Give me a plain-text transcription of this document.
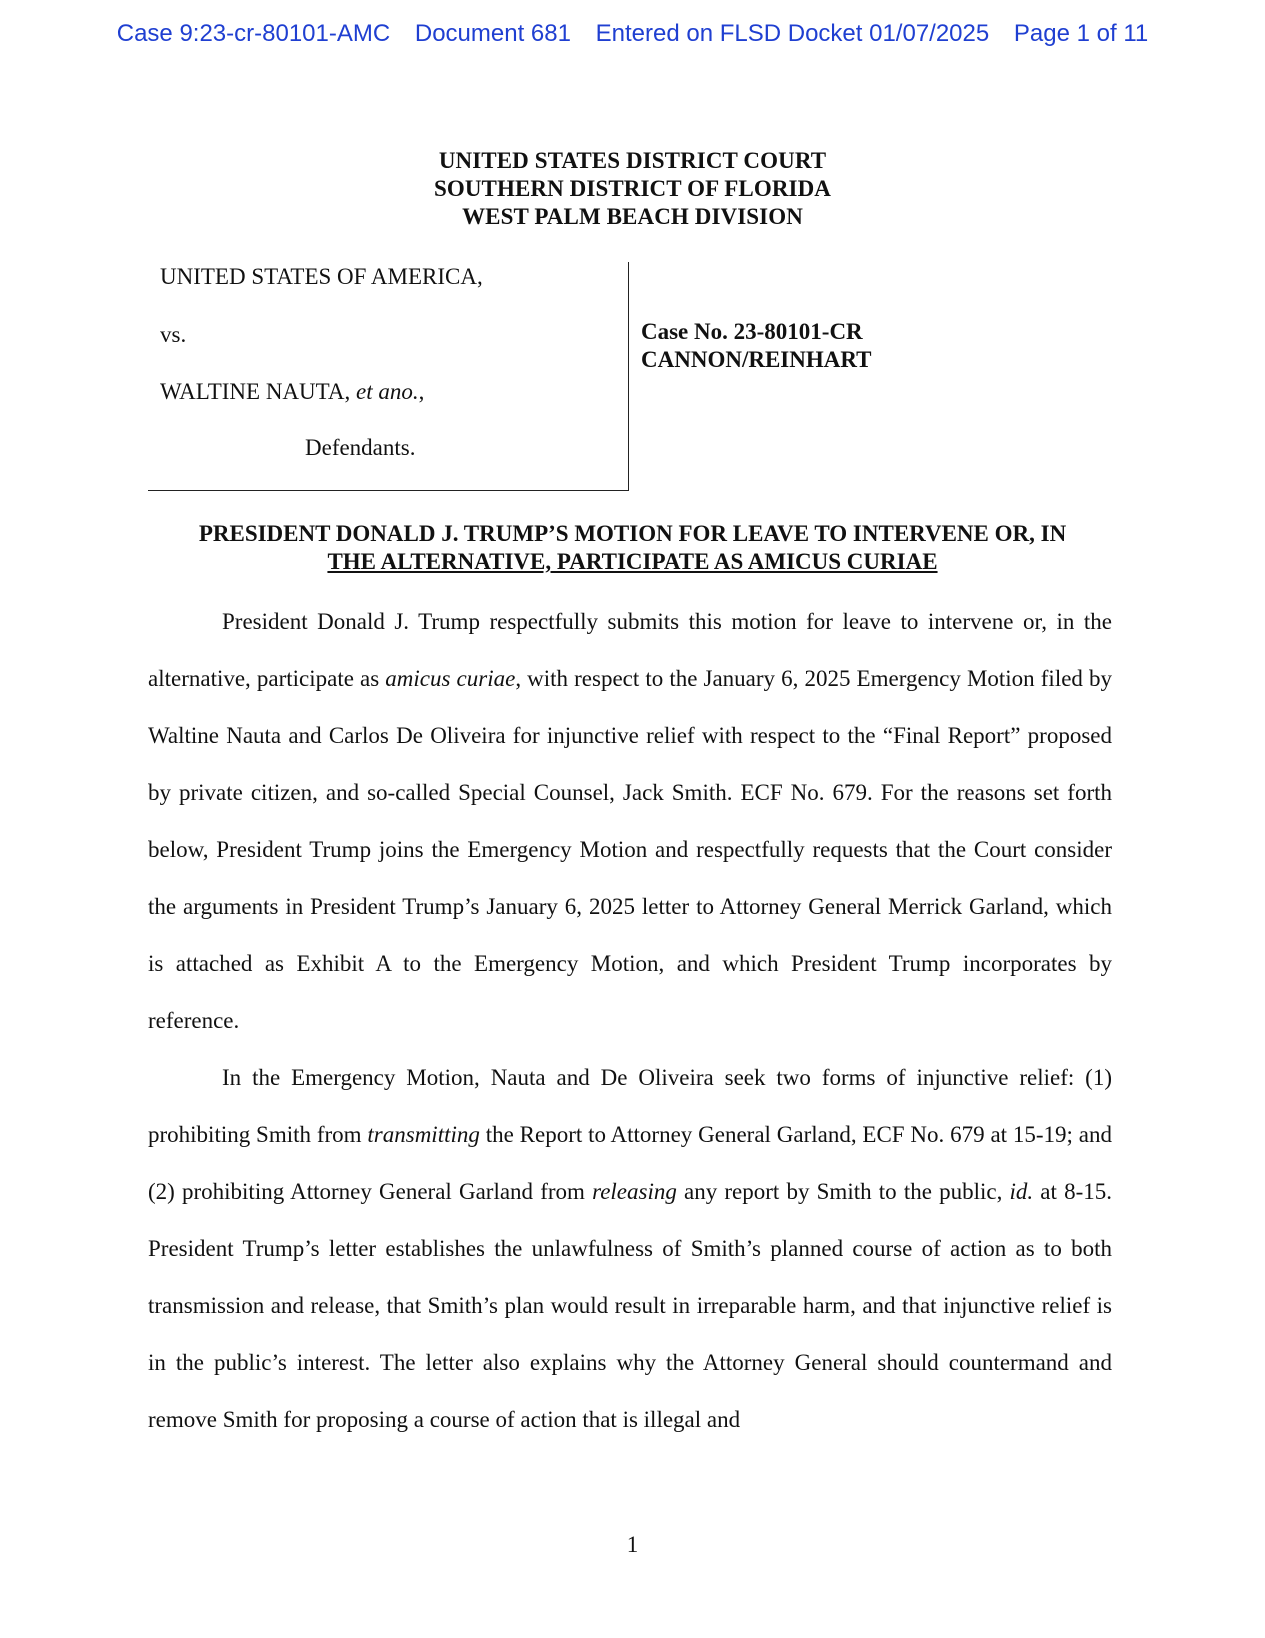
Case 9:23-cr-80101-AMC Document 681 Entered on FLSD Docket 01/07/2025 Page 1 of 11
UNITED STATES DISTRICT COURT
SOUTHERN DISTRICT OF FLORIDA
WEST PALM BEACH DIVISION
UNITED STATES OF AMERICA,
vs.
WALTINE NAUTA, et ano.,
Defendants.
Case No. 23-80101-CR
CANNON/REINHART
PRESIDENT DONALD J. TRUMP’S MOTION FOR LEAVE TO INTERVENE OR, IN
THE ALTERNATIVE, PARTICIPATE AS AMICUS CURIAE

President Donald J. Trump respectfully submits this motion for leave to intervene or, in the alternative, participate as amicus curiae, with respect to the January 6, 2025 Emergency Motion filed by Waltine Nauta and Carlos De Oliveira for injunctive relief with respect to the “Final Report” proposed by private citizen, and so-called Special Counsel, Jack Smith. ECF No. 679. For the reasons set forth below, President Trump joins the Emergency Motion and respectfully requests that the Court consider the arguments in President Trump’s January 6, 2025 letter to Attorney General Merrick Garland, which is attached as Exhibit A to the Emergency Motion, and which President Trump incorporates by reference.

In the Emergency Motion, Nauta and De Oliveira seek two forms of injunctive relief: (1) prohibiting Smith from transmitting the Report to Attorney General Garland, ECF No. 679 at 15-19; and (2) prohibiting Attorney General Garland from releasing any report by Smith to the public, id. at 8-15. President Trump’s letter establishes the unlawfulness of Smith’s planned course of action as to both transmission and release, that Smith’s plan would result in irreparable harm, and that injunctive relief is in the public’s interest. The letter also explains why the Attorney General should countermand and remove Smith for proposing a course of action that is illegal and

1
